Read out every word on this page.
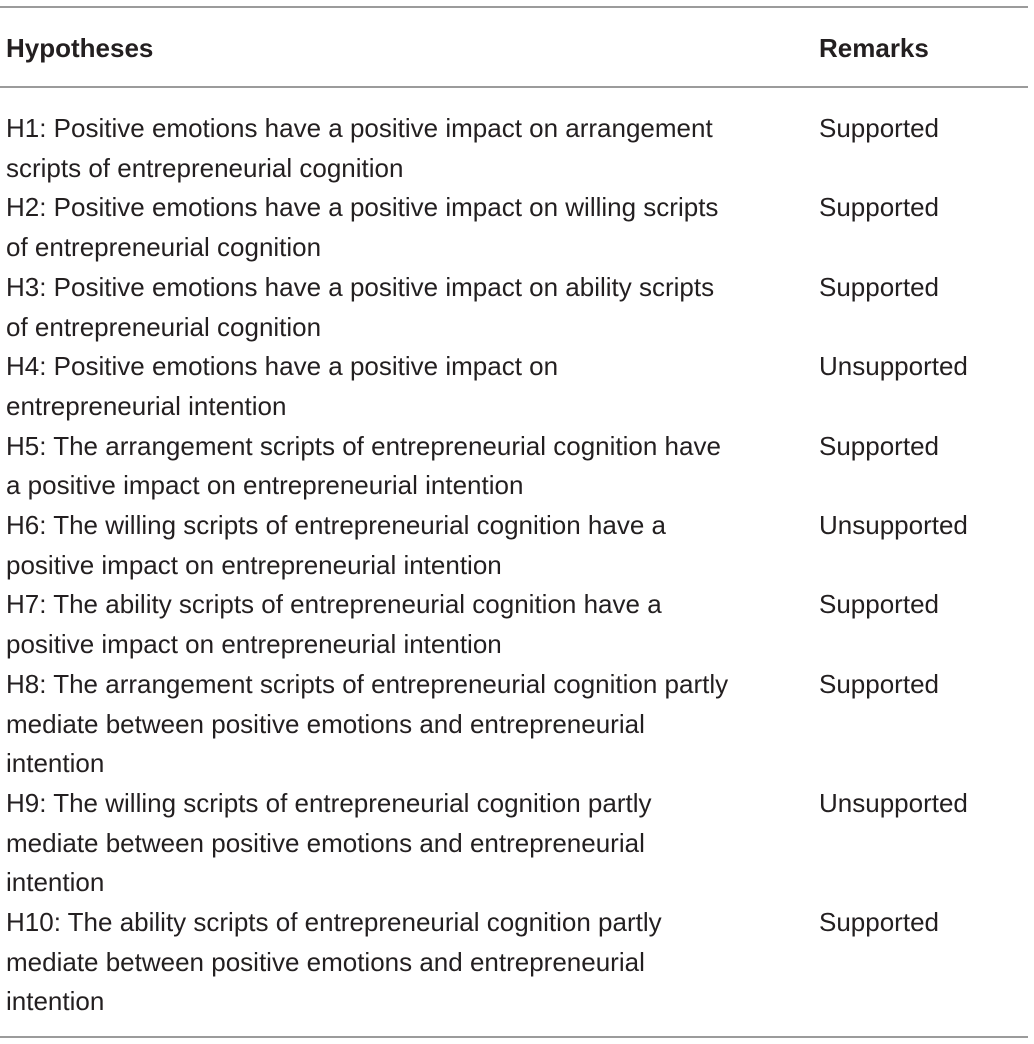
Hypotheses	Remarks
H1: Positive emotions have a positive impact on arrangement
scripts of entrepreneurial cognition
Supported
H2: Positive emotions have a positive impact on willing scripts
of entrepreneurial cognition
Supported
H3: Positive emotions have a positive impact on ability scripts
of entrepreneurial cognition
Supported
H4: Positive emotions have a positive impact on
entrepreneurial intention
Unsupported
H5: The arrangement scripts of entrepreneurial cognition have
a positive impact on entrepreneurial intention
Supported
H6: The willing scripts of entrepreneurial cognition have a
positive impact on entrepreneurial intention
Unsupported
H7: The ability scripts of entrepreneurial cognition have a
positive impact on entrepreneurial intention
Supported
H8: The arrangement scripts of entrepreneurial cognition partly
mediate between positive emotions and entrepreneurial
intention
Supported
H9: The willing scripts of entrepreneurial cognition partly
mediate between positive emotions and entrepreneurial
intention
Unsupported
H10: The ability scripts of entrepreneurial cognition partly
mediate between positive emotions and entrepreneurial
intention
Supported
